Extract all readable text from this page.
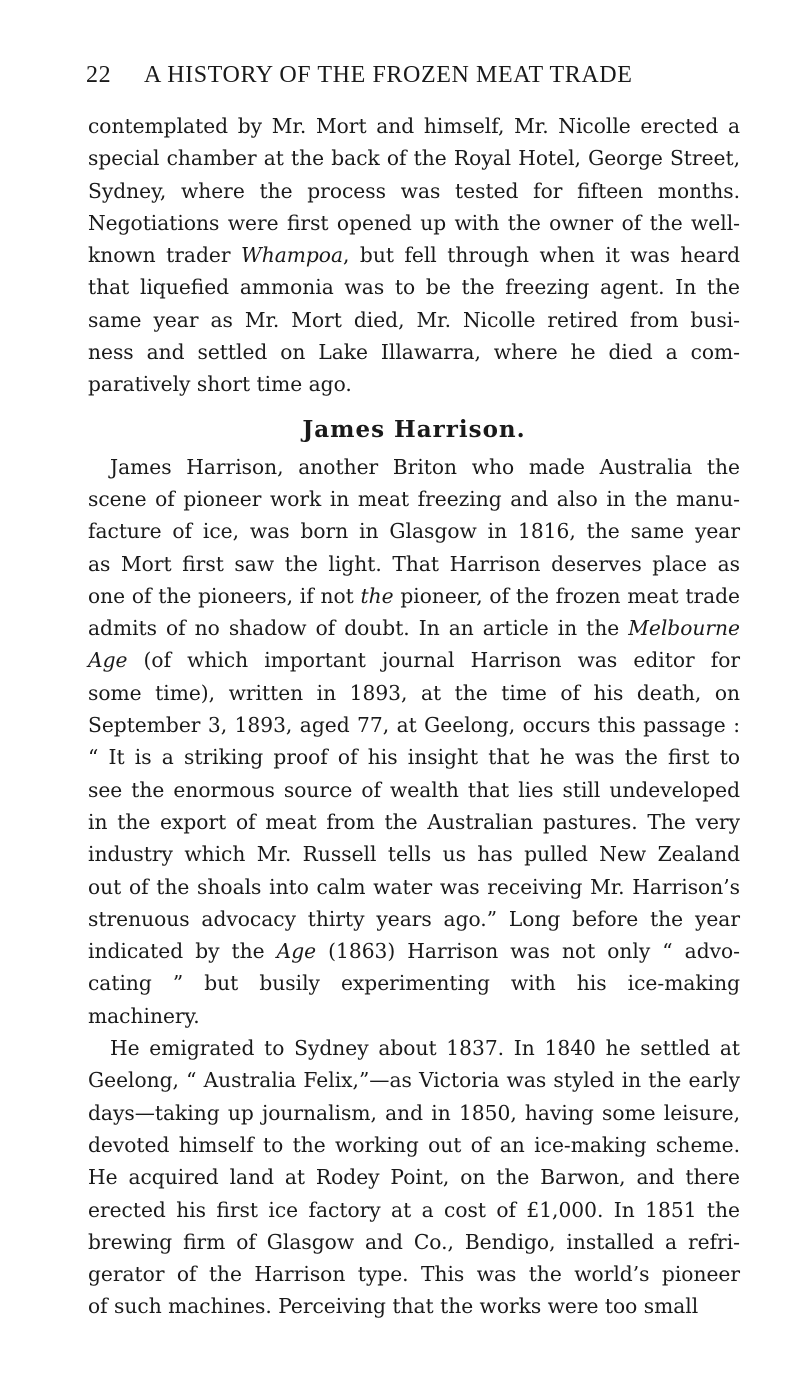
22	A HISTORY OF THE FROZEN MEAT TRADE
contemplated by Mr. Mort and himself, Mr. Nicolle erected a
special chamber at the back of the Royal Hotel, George Street,
Sydney, where the process was tested for fifteen months.
Negotiations were first opened up with the owner of the well-
known trader Whampoa, but fell through when it was heard
that liquefied ammonia was to be the freezing agent. In the
same year as Mr. Mort died, Mr. Nicolle retired from busi-
ness and settled on Lake Illawarra, where he died a com-
paratively short time ago.
James Harrison.
James Harrison, another Briton who made Australia the
scene of pioneer work in meat freezing and also in the manu-
facture of ice, was born in Glasgow in 1816, the same year
as Mort first saw the light. That Harrison deserves place as
one of the pioneers, if not the pioneer, of the frozen meat trade
admits of no shadow of doubt. In an article in the Melbourne
Age (of which important journal Harrison was editor for
some time), written in 1893, at the time of his death, on
September 3, 1893, aged 77, at Geelong, occurs this passage :
“ It is a striking proof of his insight that he was the first to
see the enormous source of wealth that lies still undeveloped
in the export of meat from the Australian pastures. The very
industry which Mr. Russell tells us has pulled New Zealand
out of the shoals into calm water was receiving Mr. Harrison’s
strenuous advocacy thirty years ago.” Long before the year
indicated by the Age (1863) Harrison was not only “ advo-
cating ” but busily experimenting with his ice-making
machinery.
He emigrated to Sydney about 1837. In 1840 he settled at
Geelong, “ Australia Felix,”—as Victoria was styled in the early
days—taking up journalism, and in 1850, having some leisure,
devoted himself to the working out of an ice-making scheme.
He acquired land at Rodey Point, on the Barwon, and there
erected his first ice factory at a cost of £1,000. In 1851 the
brewing firm of Glasgow and Co., Bendigo, installed a refri-
gerator of the Harrison type. This was the world’s pioneer
of such machines. Perceiving that the works were too small
